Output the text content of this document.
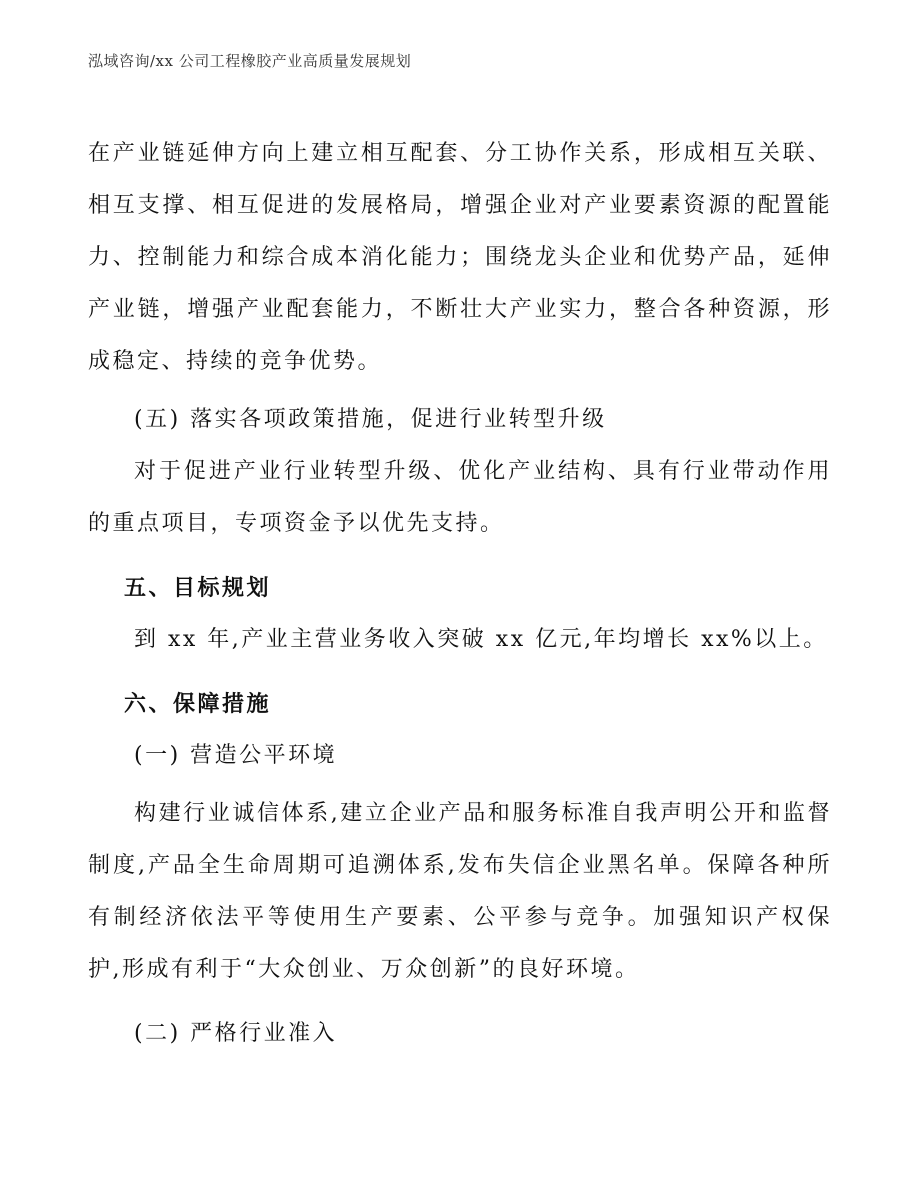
泓域咨询/xx 公司工程橡胶产业高质量发展规划

在产业链延伸方向上建立相互配套、分工协作关系，形成相互关联、相互支撑、相互促进的发展格局，增强企业对产业要素资源的配置能力、控制能力和综合成本消化能力；围绕龙头企业和优势产品，延伸产业链，增强产业配套能力，不断壮大产业实力，整合各种资源，形成稳定、持续的竞争优势。

(五) 落实各项政策措施，促进行业转型升级

对于促进产业行业转型升级、优化产业结构、具有行业带动作用的重点项目，专项资金予以优先支持。

五、目标规划

到 xx 年,产业主营业务收入突破 xx 亿元,年均增长 xx%以上。

六、保障措施

(一) 营造公平环境

构建行业诚信体系,建立企业产品和服务标准自我声明公开和监督制度,产品全生命周期可追溯体系,发布失信企业黑名单。保障各种所有制经济依法平等使用生产要素、公平参与竞争。加强知识产权保护,形成有利于“大众创业、万众创新”的良好环境。

(二) 严格行业准入
